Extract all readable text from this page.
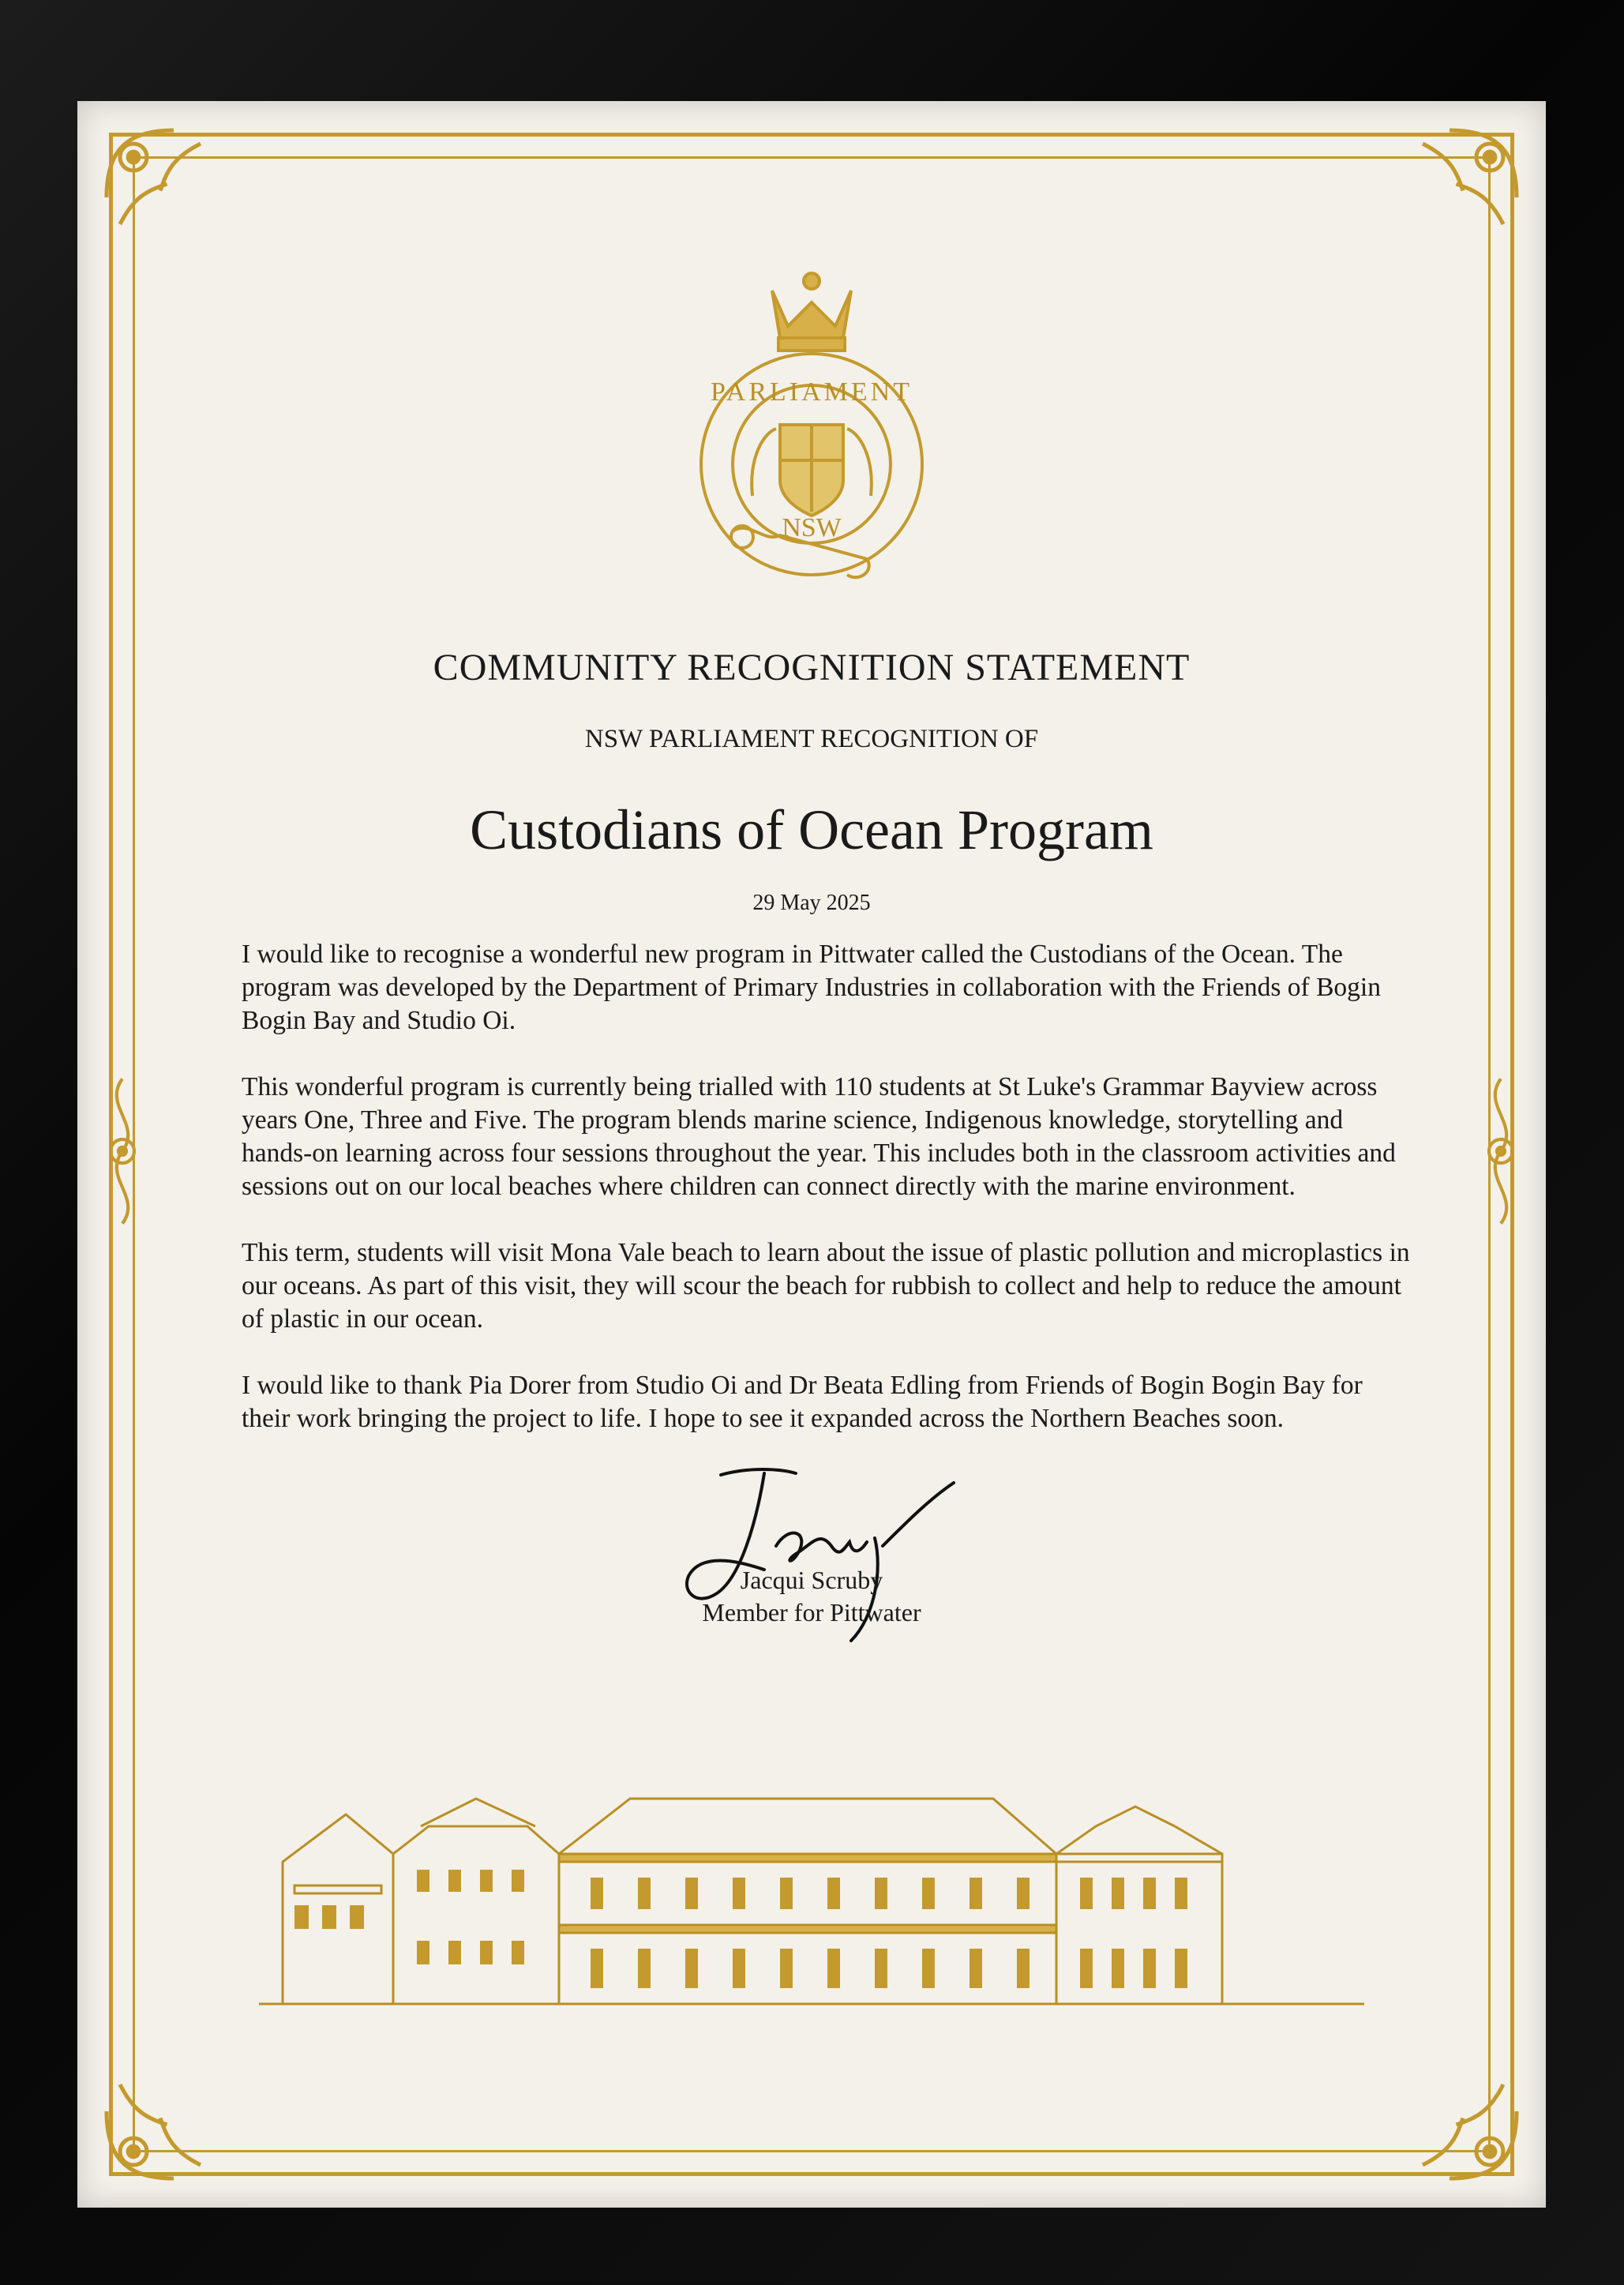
PARLIAMENT
NSW
COMMUNITY RECOGNITION STATEMENT
NSW PARLIAMENT RECOGNITION OF
Custodians of Ocean Program
29 May 2025

I would like to recognise a wonderful new program in Pittwater called the Custodians of the Ocean. The program was developed by the Department of Primary Industries in collaboration with the Friends of Bogin Bogin Bay and Studio Oi.

This wonderful program is currently being trialled with 110 students at St Luke's Grammar Bayview across years One, Three and Five. The program blends marine science, Indigenous knowledge, storytelling and hands-on learning across four sessions throughout the year. This includes both in the classroom activities and sessions out on our local beaches where children can connect directly with the marine environment.

This term, students will visit Mona Vale beach to learn about the issue of plastic pollution and microplastics in our oceans. As part of this visit, they will scour the beach for rubbish to collect and help to reduce the amount of plastic in our ocean.

I would like to thank Pia Dorer from Studio Oi and Dr Beata Edling from Friends of Bogin Bogin Bay for their work bringing the project to life. I hope to see it expanded across the Northern Beaches soon.

Jacqui Scruby
Member for Pittwater
